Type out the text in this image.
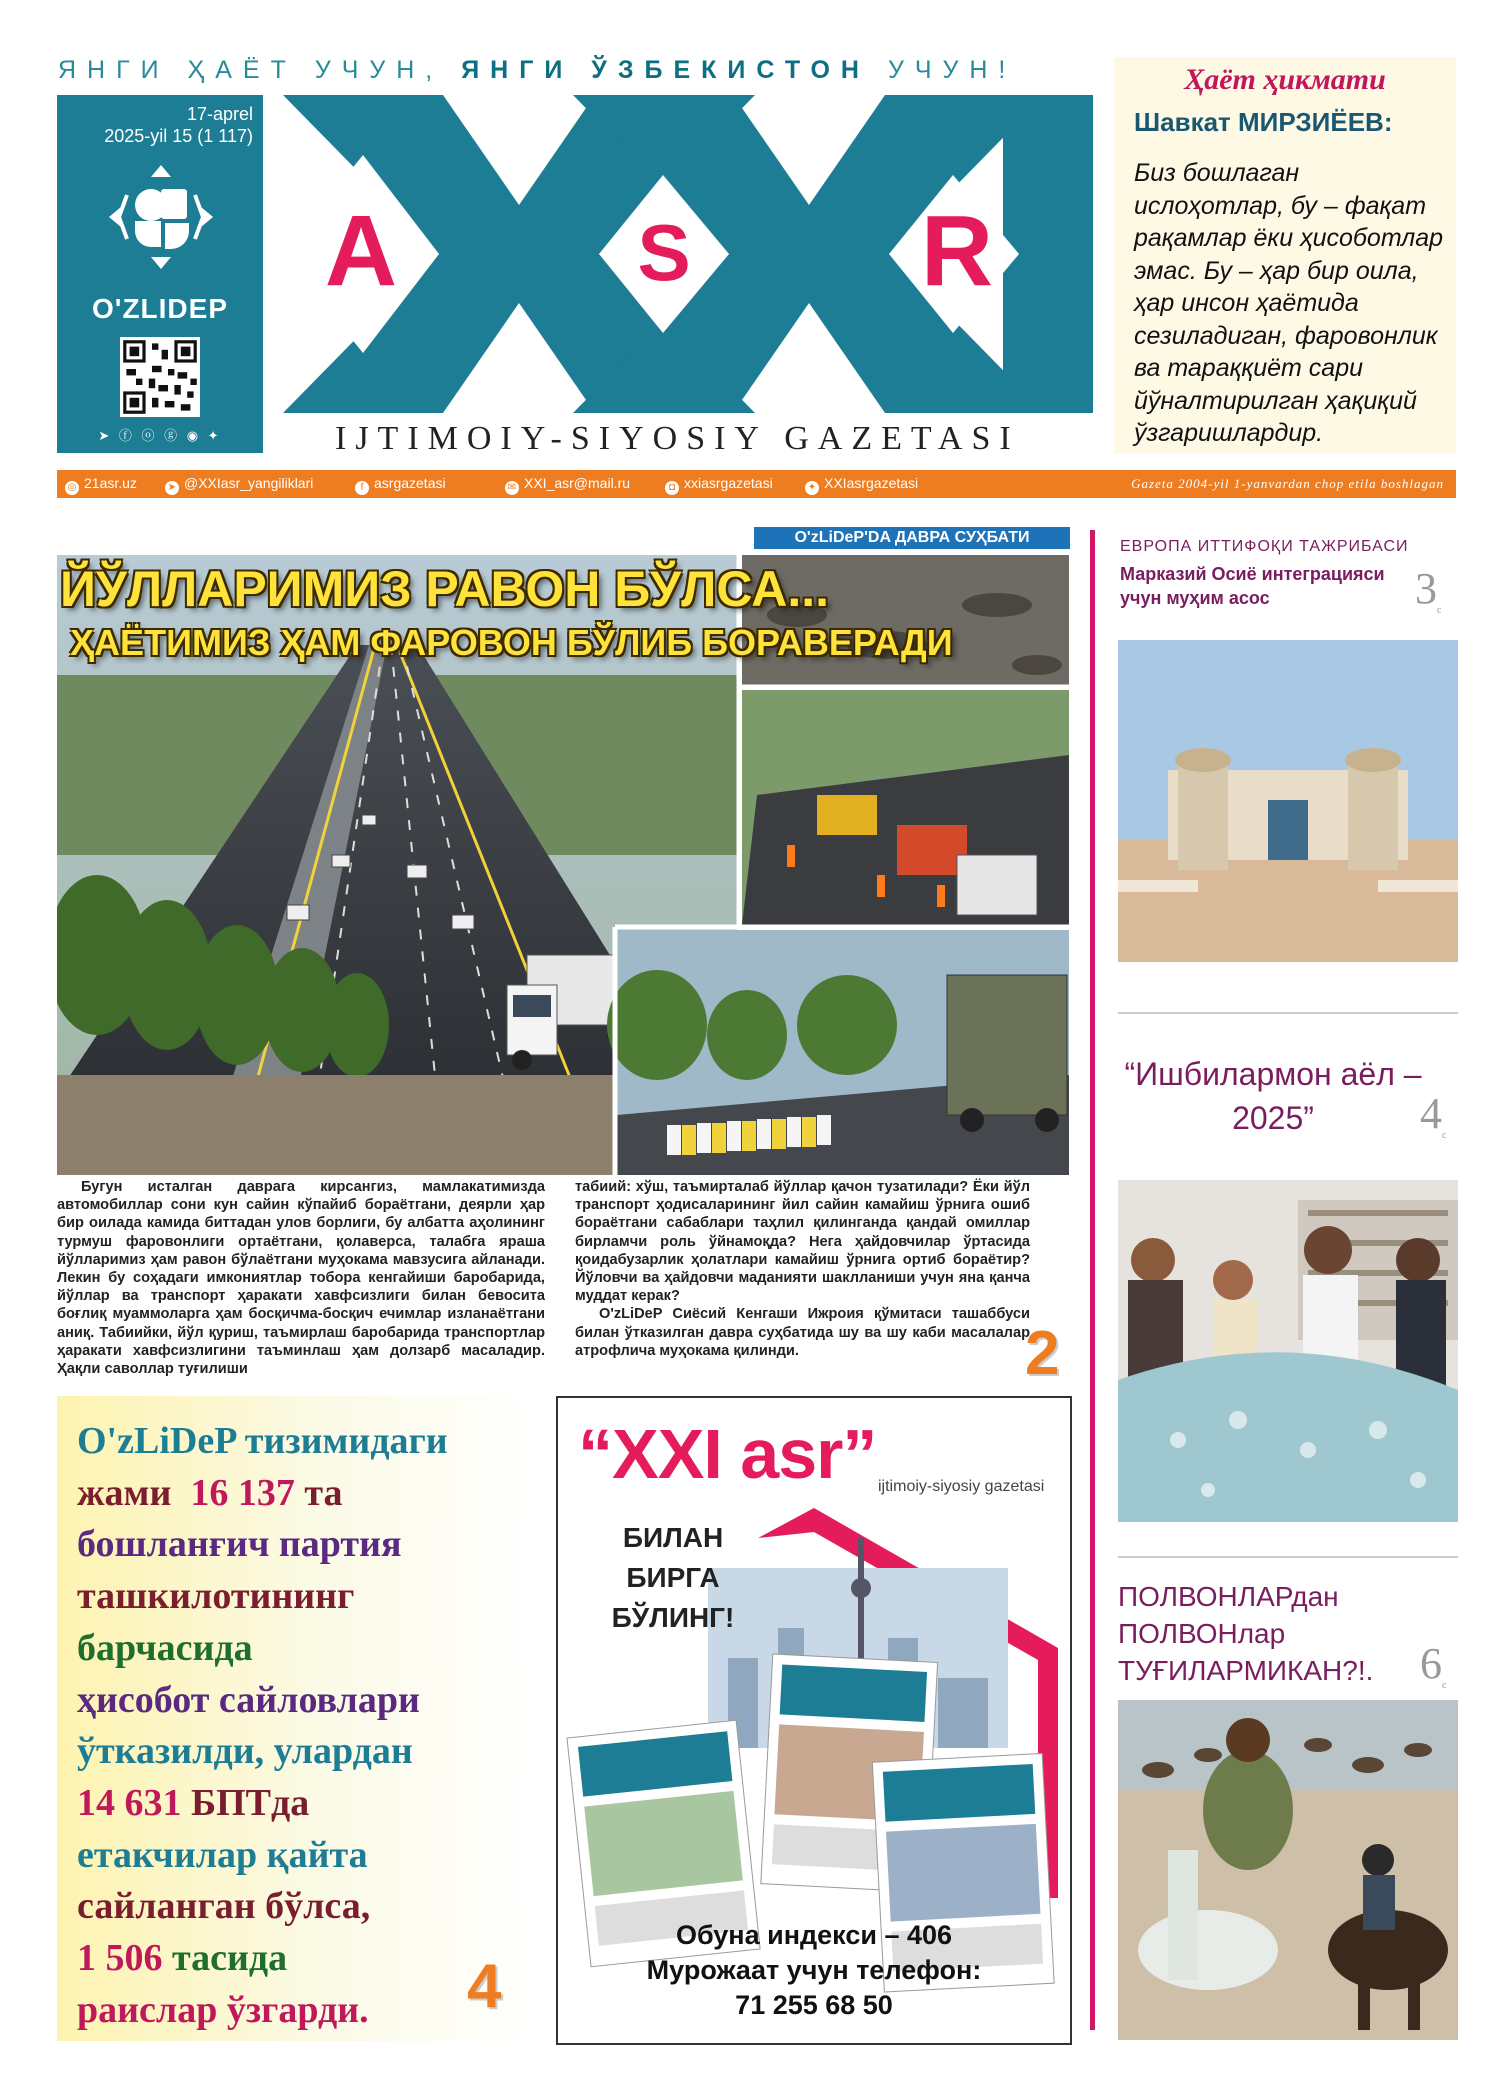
ЯНГИ ҲАЁТ УЧУН, ЯНГИ ЎЗБЕКИСТОН УЧУН!
17-aprel
2025-yil 15 (1 117)
O'ZLIDEP
➤ ⓕ ⓞ ⓖ ◉ ✦
A	S R
IJTIMOIY-SIYOSIY GAZETASI
Ҳаёт ҳикмати
Шавкат МИРЗИЁЕВ:
Биз бошлаган ислоҳотлар, бу – фақат рақамлар ёки ҳисоботлар эмас. Бу – ҳар бир оила, ҳар инсон ҳаётида сезиладиган, фаровонлик ва тараққиёт сари йўналтирилган ҳақиқий ўзгаришлардир.
◎ 21asr.uz	➤ @XXIasr_yangiliklari	f asrgazetasi	✉ XXI_asr@mail.ru	◘ xxiasrgazetasi	✦ XXIasrgazetasi	Gazeta 2004-yil 1-yanvardan chop etila boshlagan
O'zLiDeP'DA ДАВРА СУҲБАТИ
ЙЎЛЛАРИМИЗ РАВОН БЎЛСА...
ҲАЁТИМИЗ ҲАМ ФАРОВОН БЎЛИБ БОРАВЕРАДИ

Бугун исталган даврага кирсангиз, мамлакатимизда автомобиллар сони кун сайин кўпайиб бораётгани, деярли ҳар бир оилада камида биттадан улов борлиги, бу албатта аҳолининг турмуш фаровонлиги ортаётгани, қолаверса, талабга яраша йўлларимиз ҳам равон бўлаётгани муҳокама мавзусига айланади. Лекин бу соҳадаги имкониятлар тобора кенгайиши баробарида, йўллар ва транспорт ҳаракати хавфсизлиги билан бевосита боғлиқ муаммоларга ҳам босқичма-босқич ечимлар изланаётгани аниқ. Табиийки, йўл қуриш, таъмирлаш баробарида транспортлар ҳаракати хавфсизлигини таъминлаш ҳам долзарб масаладир. Ҳақли саволлар туғилиши

табиий: хўш, таъмирталаб йўллар қачон тузатилади? Ёки йўл транспорт ҳодисаларининг йил сайин камайиш ўрнига ошиб бораётгани сабаблари таҳлил қилинганда қандай омиллар бирламчи роль ўйнамоқда? Нега ҳайдовчилар ўртасида қоидабузарлик ҳолатлари камайиш ўрнига ортиб бораётир? Йўловчи ва ҳайдовчи маданияти шаклланиши учун яна қанча муддат керак?

O'zLiDeP Сиёсий Кенгаши Ижроия қўмитаси ташаббуси билан ўтказилган давра суҳбатида шу ва шу каби масалалар атрофлича муҳокама қилинди.	2
O'zLiDeP тизимидаги
жами 16 137 та
бошланғич партия
ташкилотининг
барчасида
ҳисобот сайловлари
ўтказилди, улардан
14 631 БПТда
етакчилар қайта
сайланган бўлса,
1 506 тасида
раислар ўзгарди.	4
“XXI asr” ijtimoiy-siyosiy gazetasi
БИЛАН
БИРГА
БЎЛИНГ!
Обуна индекси – 406
Мурожаат учун телефон:
71 255 68 50
ЕВРОПА ИТТИФОҚИ ТАЖРИБАСИ
Марказий Осиё интеграцияси учун муҳим асос	$3_с$
“Ишбилармон аёл – 2025”	$4_с$
ПОЛВОНЛАРдан
ПОЛВОНлар
ТУҒИЛАРМИКАН?!. $6_с$
